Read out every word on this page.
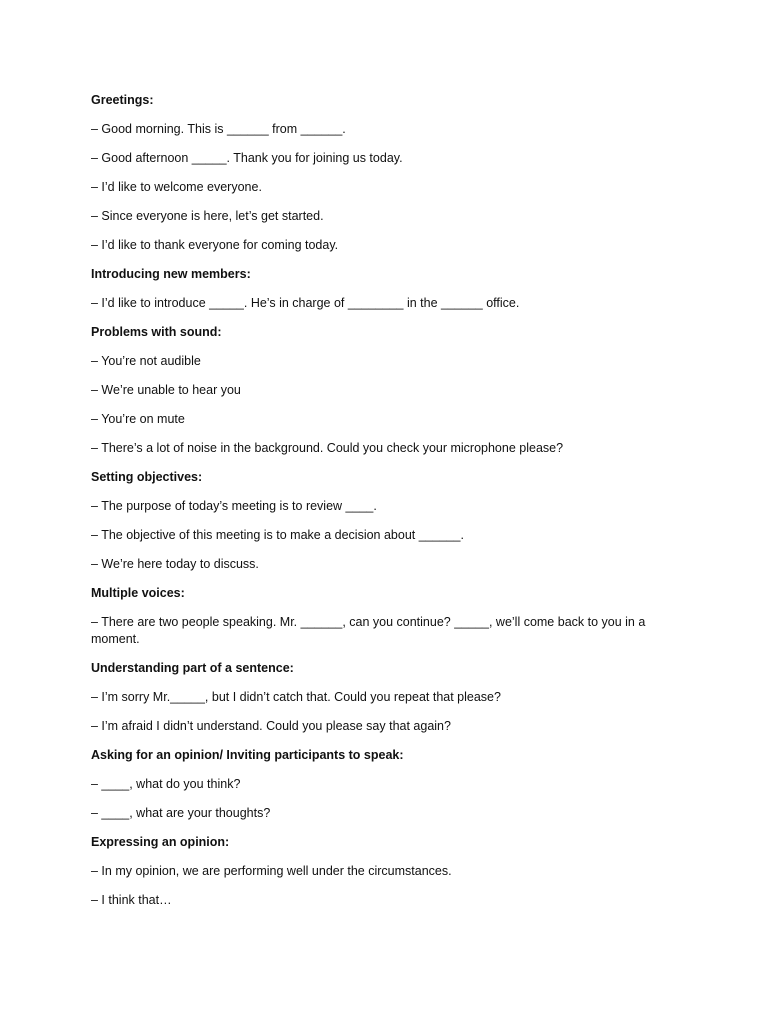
Greetings:
– Good morning. This is ______ from ______.
– Good afternoon _____. Thank you for joining us today.
– I’d like to welcome everyone.
– Since everyone is here, let’s get started.
– I’d like to thank everyone for coming today.
Introducing new members:
– I’d like to introduce _____. He’s in charge of ________ in the ______ office.
Problems with sound:
– You’re not audible
– We’re unable to hear you
– You’re on mute
– There’s a lot of noise in the background. Could you check your microphone please?
Setting objectives:
– The purpose of today’s meeting is to review ____.
– The objective of this meeting is to make a decision about ______.
– We’re here today to discuss.
Multiple voices:
– There are two people speaking. Mr. ______, can you continue? _____, we’ll come back to you in a moment.
Understanding part of a sentence:
– I’m sorry Mr._____, but I didn’t catch that. Could you repeat that please?
– I’m afraid I didn’t understand. Could you please say that again?
Asking for an opinion/ Inviting participants to speak:
– ____, what do you think?
– ____, what are your thoughts?
Expressing an opinion:
– In my opinion, we are performing well under the circumstances.
– I think that…
